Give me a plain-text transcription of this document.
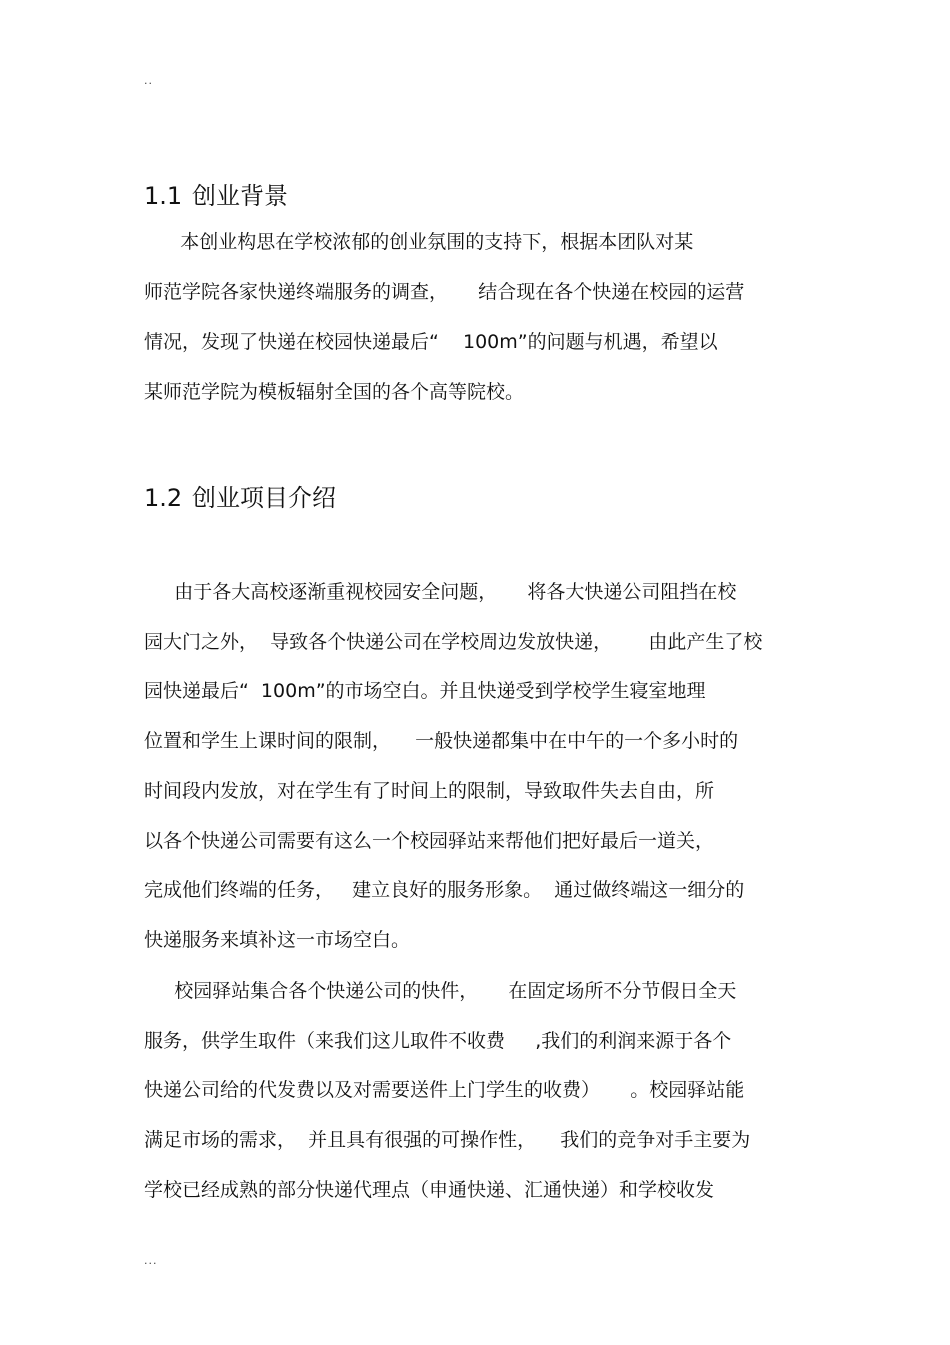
..
1.1 创业背景
本创业构思在学校浓郁的创业氛围的支持下，根据本团队对某
师范学院各家快递终端服务的调查，     结合现在各个快递在校园的运营
情况，发现了快递在校园快递最后“    100m”的问题与机遇，希望以
某师范学院为模板辐射全国的各个高等院校。
1.2 创业项目介绍
由于各大高校逐渐重视校园安全问题，     将各大快递公司阻挡在校
园大门之外，  导致各个快递公司在学校周边发放快递，      由此产生了校
园快递最后“  100m”的市场空白。并且快递受到学校学生寝室地理
位置和学生上课时间的限制，    一般快递都集中在中午的一个多小时的
时间段内发放，对在学生有了时间上的限制，导致取件失去自由，所
以各个快递公司需要有这么一个校园驿站来帮他们把好最后一道关，
完成他们终端的任务，   建立良好的服务形象。  通过做终端这一细分的
快递服务来填补这一市场空白。
校园驿站集合各个快递公司的快件，     在固定场所不分节假日全天
服务，供学生取件（来我们这儿取件不收费     ,我们的利润来源于各个
快递公司给的代发费以及对需要送件上门学生的收费）     。校园驿站能
满足市场的需求，  并且具有很强的可操作性，    我们的竞争对手主要为
学校已经成熟的部分快递代理点（申通快递、汇通快递）和学校收发
...
